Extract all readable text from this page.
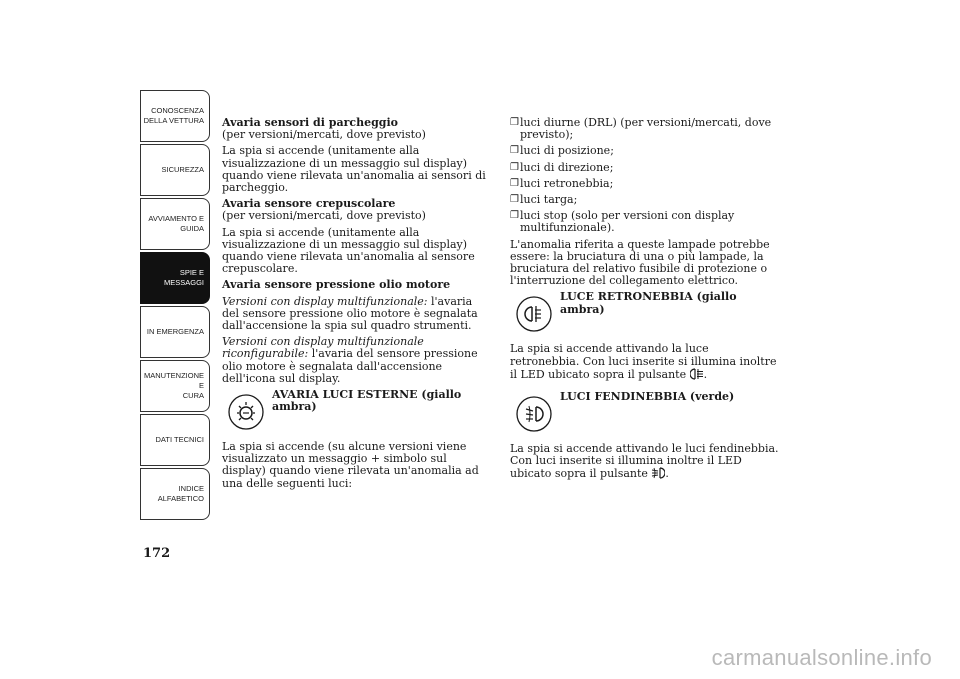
CONOSCENZA
DELLA VETTURA
SICUREZZA
AVVIAMENTO E
GUIDA
SPIE E MESSAGGI
IN EMERGENZA
MANUTENZIONE E
CURA
DATI TECNICI
INDICE
ALFABETICO
172

Avaria sensori di parcheggio

(per versioni/mercati, dove previsto)

La spia si accende (unitamente alla visualizzazione di un messaggio sul display) quando viene rilevata un'anomalia ai sensori di parcheggio.

Avaria sensore crepuscolare

(per versioni/mercati, dove previsto)

La spia si accende (unitamente alla visualizzazione di un messaggio sul display) quando viene rilevata un'anomalia al sensore crepuscolare.

Avaria sensore pressione olio motore

Versioni con display multifunzionale: l'avaria del sensore pressione olio motore è segnalata dall'accensione la spia sul quadro strumenti.

Versioni con display multifunzionale riconfigurabile: l'avaria del sensore pressione olio motore è segnalata dall'accensione dell'icona sul display.

AVARIA LUCI ESTERNE (giallo ambra)

La spia si accende (su alcune versioni viene visualizzato un messaggio + simbolo sul display) quando viene rilevata un'anomalia ad una delle seguenti luci:

❐ luci diurne (DRL) (per versioni/mercati, dove previsto);
❐ luci di posizione;
❐ luci di direzione;
❐ luci retronebbia;
❐ luci targa;
❐ luci stop (solo per versioni con display multifunzionale).

L'anomalia riferita a queste lampade potrebbe essere: la bruciatura di una o più lampade, la bruciatura del relativo fusibile di protezione o l'interruzione del collegamento elettrico.

LUCE RETRONEBBIA (giallo ambra)

La spia si accende attivando la luce retronebbia. Con luci inserite si illumina inoltre il LED ubicato sopra il pulsante .

LUCI FENDINEBBIA (verde)

La spia si accende attivando le luci fendinebbia. Con luci inserite si illumina inoltre il LED ubicato sopra il pulsante .

carmanualsonline.info
